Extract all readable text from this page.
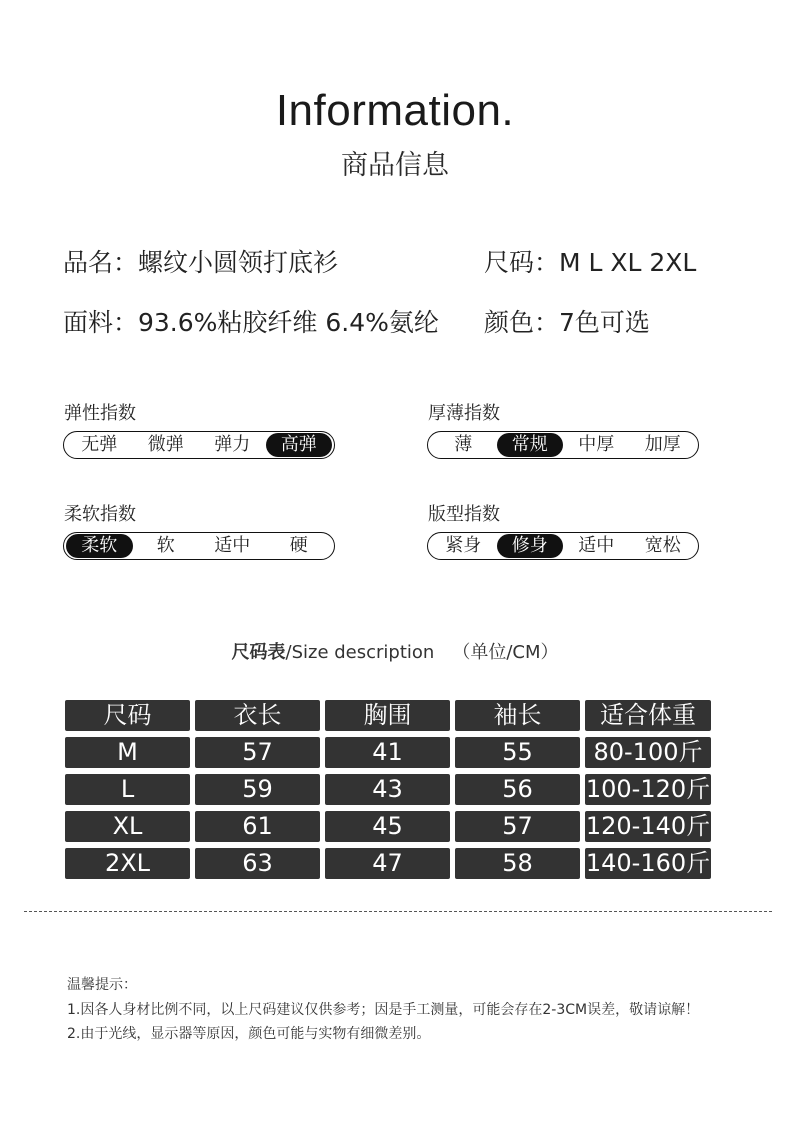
Information.
商品信息
品名：螺纹小圆领打底衫	尺码：M L XL 2XL
面料：93.6%粘胶纤维 6.4%氨纶 颜色：7色可选
弹性指数
无弹	微弹	弹力	高弹
厚薄指数
薄	常规	中厚	加厚
柔软指数
柔软	软	适中	硬
版型指数
紧身	修身	适中	宽松
尺码表/Size description （单位/CM）
尺码	衣长	胸围	袖长	适合体重
M	57	41	55	80-100斤
L	59	43	56	100-120斤
XL	61	45	57	120-140斤
2XL	63	47	58	140-160斤
温馨提示：
1.因各人身材比例不同，以上尺码建议仅供参考；因是手工测量，可能会存在2-3CM误差，敬请谅解！
2.由于光线，显示器等原因，颜色可能与实物有细微差别。
